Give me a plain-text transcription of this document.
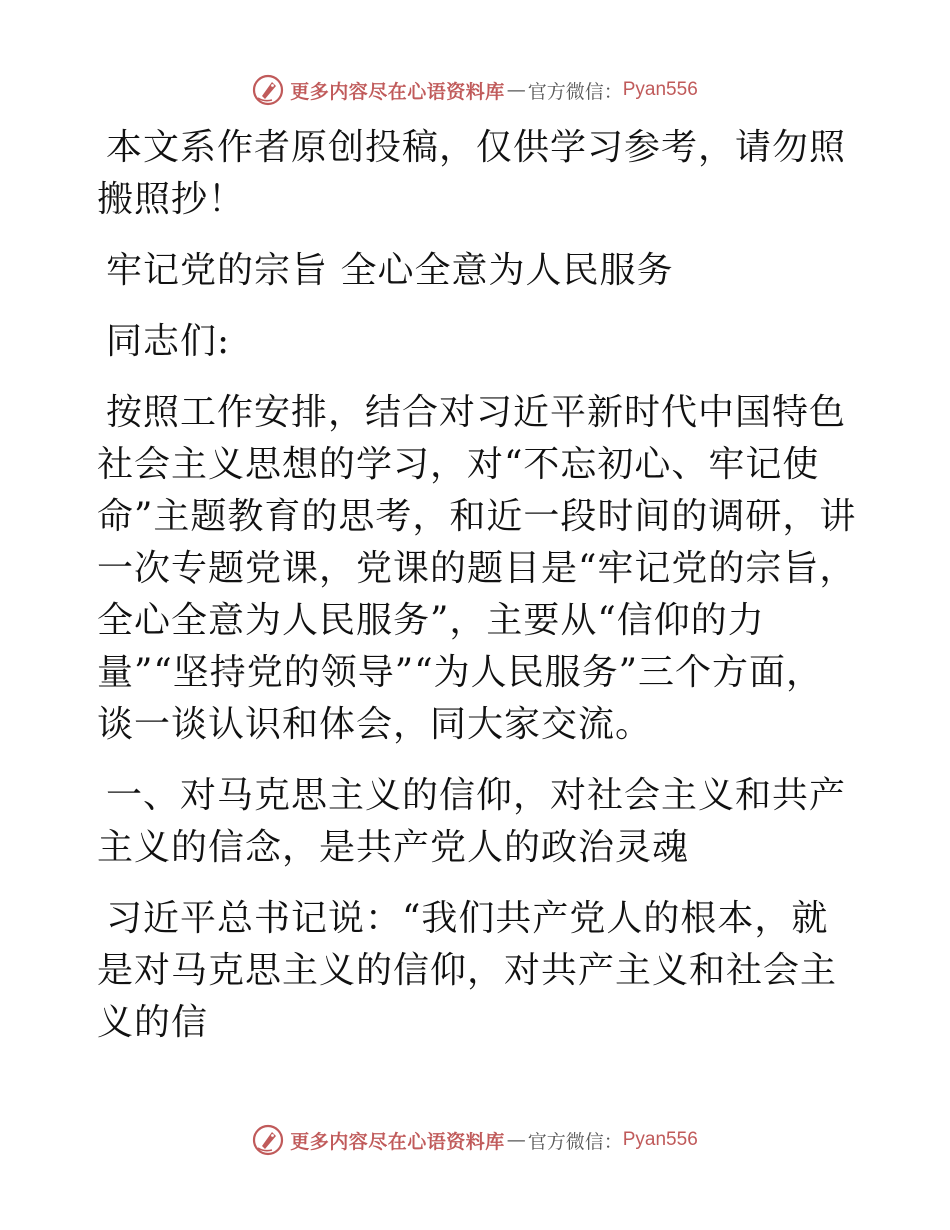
更多内容尽在心语资料库 — 官方微信： Pyan556

本文系作者原创投稿，仅供学习参考，请勿照搬照抄！

牢记党的宗旨 全心全意为人民服务

同志们:

按照工作安排，结合对习近平新时代中国特色社会主义思想的学习，对“不忘初心、牢记使命”主题教育的思考，和近一段时间的调研，讲一次专题党课，党课的题目是“牢记党的宗旨，全心全意为人民服务”，主要从“信仰的力量”“坚持党的领导”“为人民服务”三个方面，谈一谈认识和体会，同大家交流。

一、对马克思主义的信仰，对社会主义和共产主义的信念，是共产党人的政治灵魂

习近平总书记说：“我们共产党人的根本，就是对马克思主义的信仰，对共产主义和社会主义的信

更多内容尽在心语资料库 — 官方微信： Pyan556
